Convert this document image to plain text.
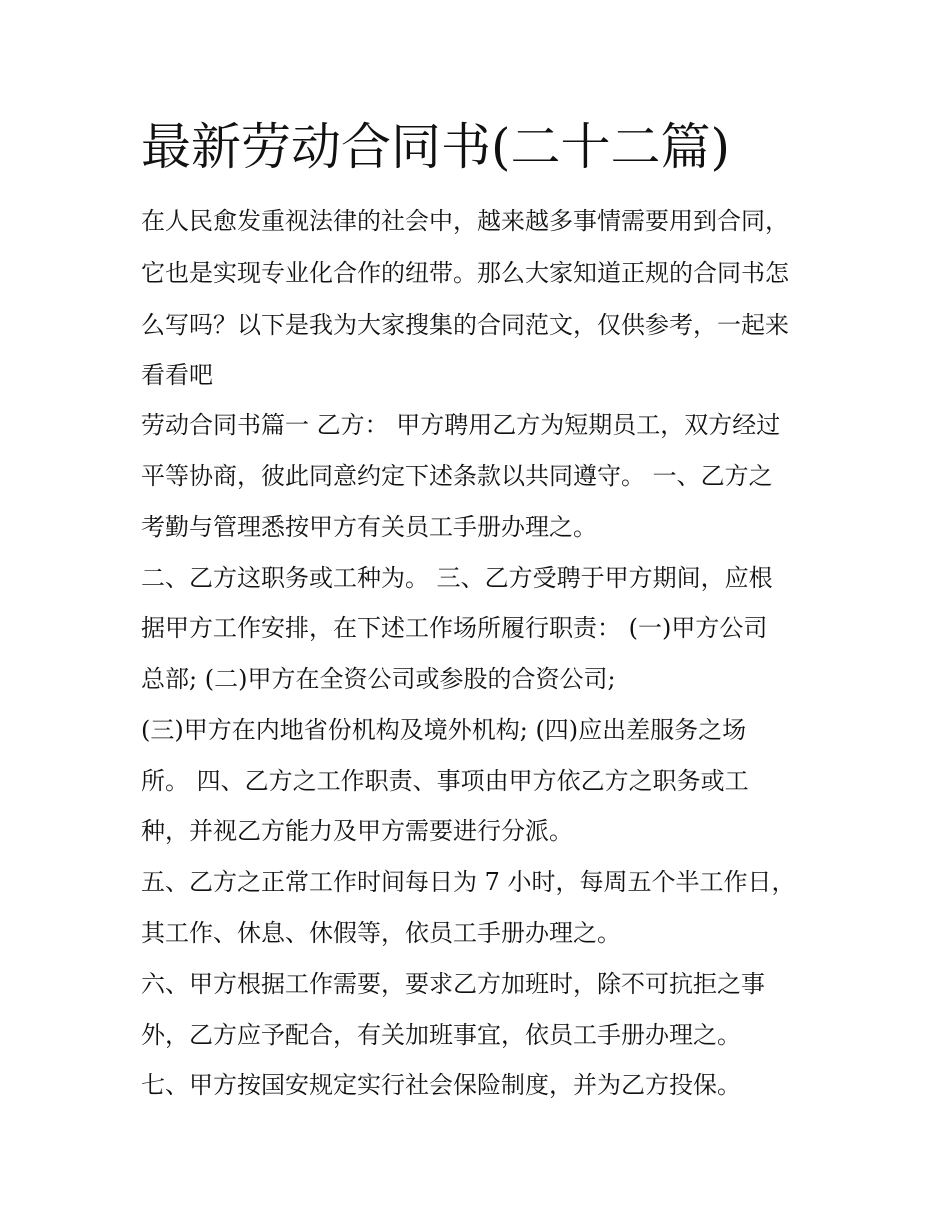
最新劳动合同书(二十二篇)

在人民愈发重视法律的社会中，越来越多事情需要用到合同，

它也是实现专业化合作的纽带。那么大家知道正规的合同书怎

么写吗？以下是我为大家搜集的合同范文，仅供参考，一起来

看看吧

劳动合同书篇一 乙方： 甲方聘用乙方为短期员工，双方经过

平等协商，彼此同意约定下述条款以共同遵守。 一、乙方之

考勤与管理悉按甲方有关员工手册办理之。

二、乙方这职务或工种为。 三、乙方受聘于甲方期间，应根

据甲方工作安排，在下述工作场所履行职责： (一)甲方公司

总部; (二)甲方在全资公司或参股的合资公司;

(三)甲方在内地省份机构及境外机构; (四)应出差服务之场

所。 四、乙方之工作职责、事项由甲方依乙方之职务或工

种，并视乙方能力及甲方需要进行分派。

五、乙方之正常工作时间每日为 7 小时，每周五个半工作日，

其工作、休息、休假等，依员工手册办理之。

六、甲方根据工作需要，要求乙方加班时，除不可抗拒之事

外，乙方应予配合，有关加班事宜，依员工手册办理之。

七、甲方按国安规定实行社会保险制度，并为乙方投保。
